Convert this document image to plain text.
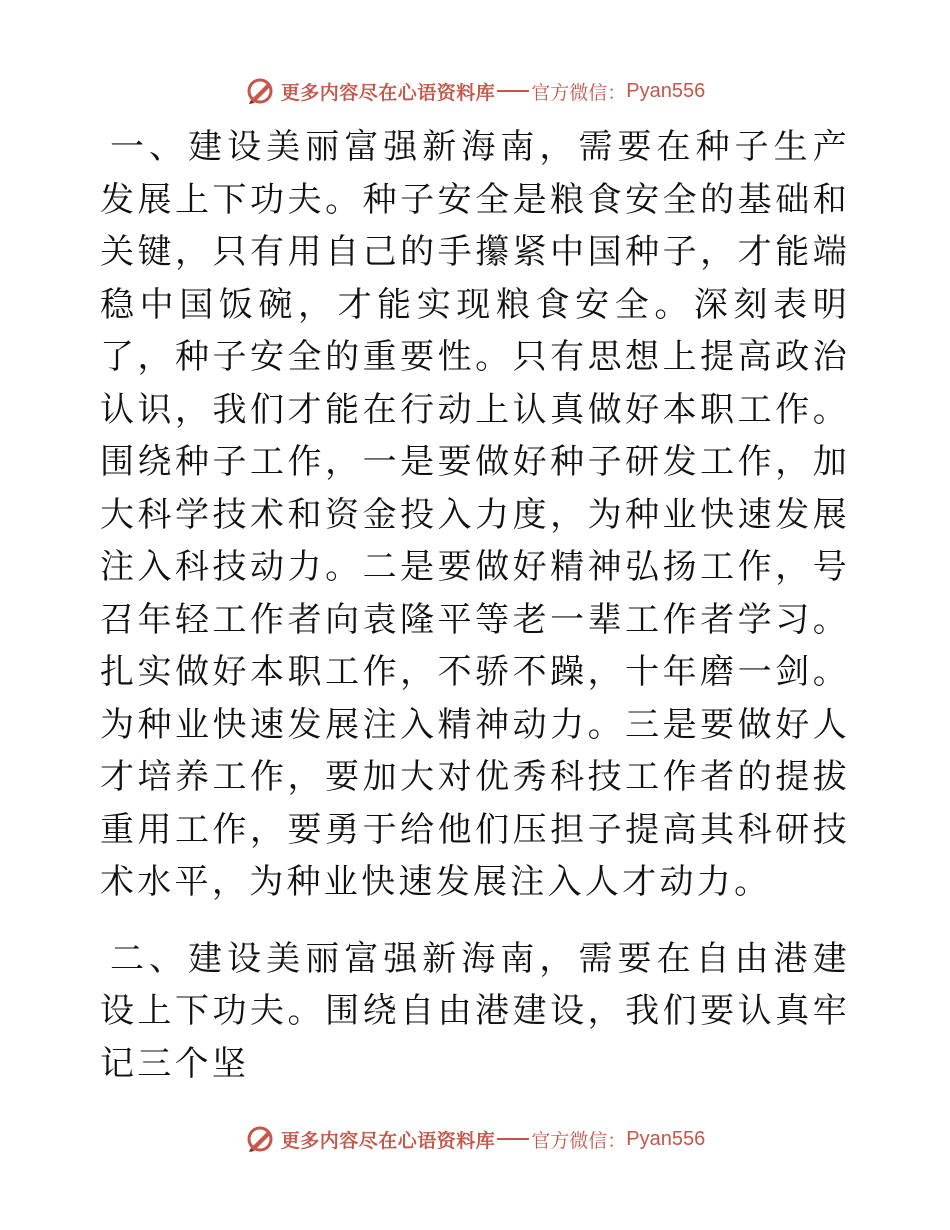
更多内容尽在心语资料库 官方微信： Pyan556

一、建设美丽富强新海南，需要在种子生产发展上下功夫。种子安全是粮食安全的基础和关键，只有用自己的手攥紧中国种子，才能端稳中国饭碗，才能实现粮食安全。深刻表明了，种子安全的重要性。只有思想上提高政治认识，我们才能在行动上认真做好本职工作。围绕种子工作，一是要做好种子研发工作，加大科学技术和资金投入力度，为种业快速发展注入科技动力。二是要做好精神弘扬工作，号召年轻工作者向袁隆平等老一辈工作者学习。扎实做好本职工作，不骄不躁，十年磨一剑。为种业快速发展注入精神动力。三是要做好人才培养工作，要加大对优秀科技工作者的提拔重用工作，要勇于给他们压担子提高其科研技术水平，为种业快速发展注入人才动力。

二、建设美丽富强新海南，需要在自由港建设上下功夫。围绕自由港建设，我们要认真牢记三个坚

更多内容尽在心语资料库 官方微信： Pyan556
